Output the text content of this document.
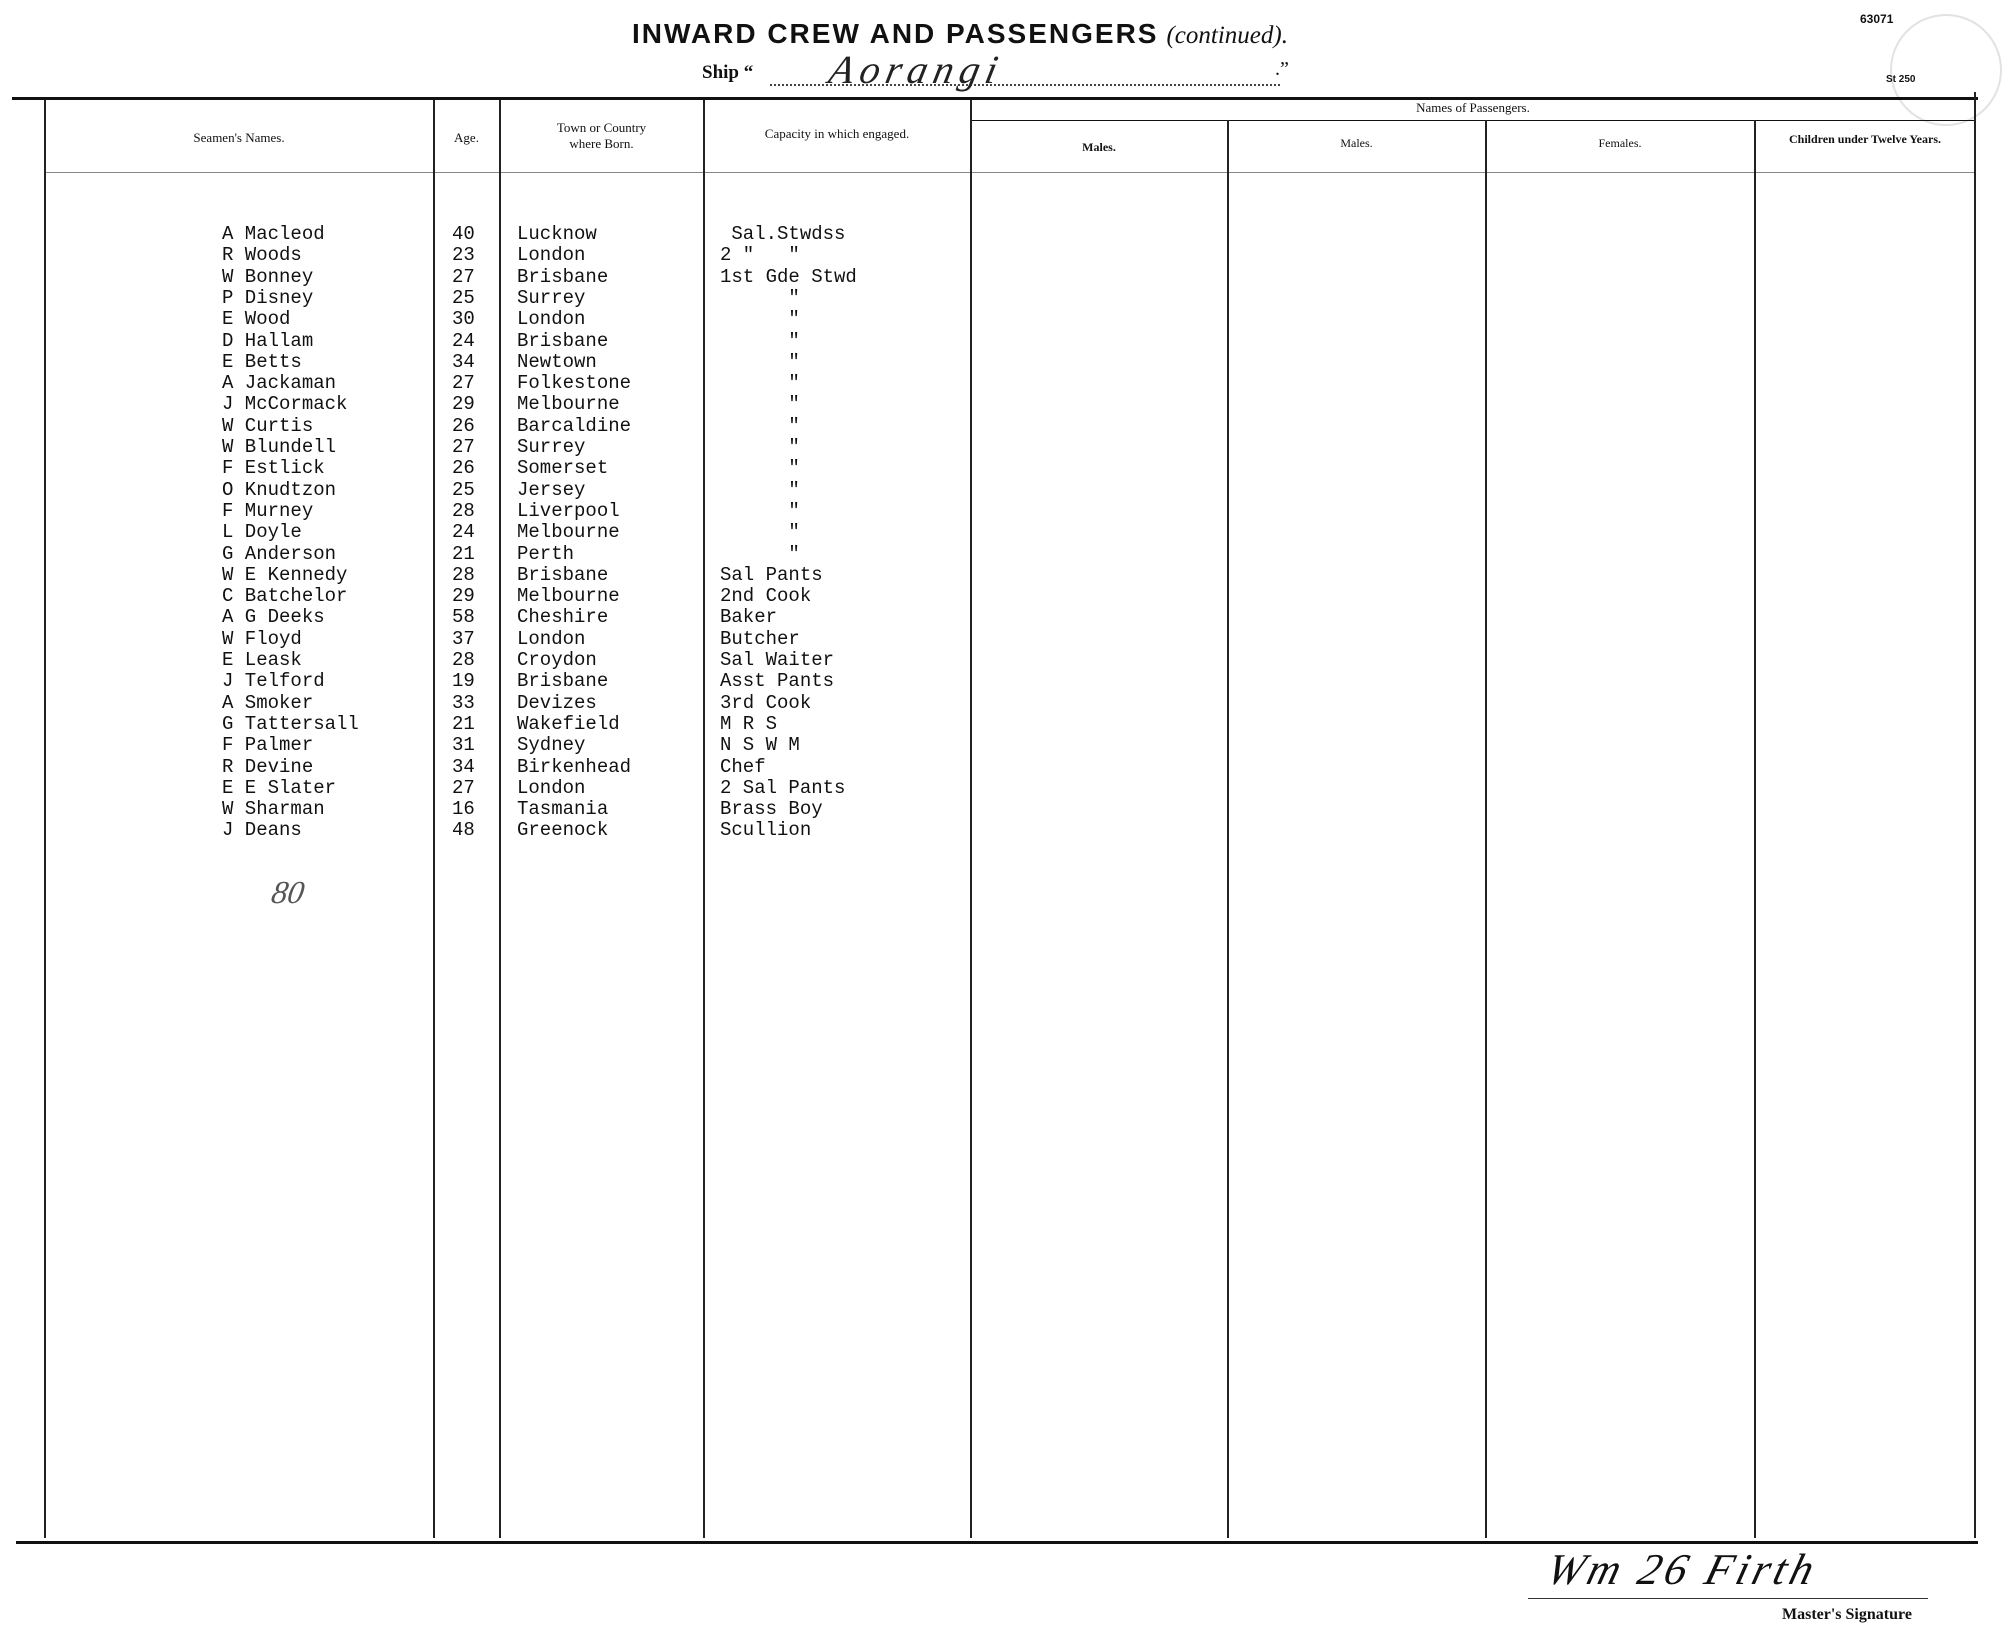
63071
St 250
INWARD CREW AND PASSENGERS (continued).
Ship “ Aorangi	.”
Seamen's Names.	Age.
Town or Country
where Born.
Capacity in which engaged.
Names of Passengers.
Males.	Males.	Females.	Children under Twelve Years.
A Macleod	40 Lucknow	Sal.Stwdss
R Woods	23 London	2 "   "
W Bonney	27 Brisbane	1st Gde Stwd
P Disney	25 Surrey	"
E Wood	30 London	"
D Hallam	24 Brisbane	"
E Betts	34 Newtown	"
A Jackaman	27 Folkestone	"
J McCormack	29 Melbourne	"
W Curtis	26 Barcaldine	"
W Blundell	27 Surrey	"
F Estlick	26 Somerset	"
O Knudtzon	25 Jersey	"
F Murney	28 Liverpool	"
L Doyle	24 Melbourne	"
G Anderson	21 Perth	"
W E Kennedy	28 Brisbane	Sal Pants
C Batchelor	29 Melbourne	2nd Cook
A G Deeks	58 Cheshire	Baker
W Floyd	37 London	Butcher
E Leask	28 Croydon	Sal Waiter
J Telford	19 Brisbane	Asst Pants
A Smoker	33 Devizes	3rd Cook
G Tattersall	21 Wakefield	M R S
F Palmer	31 Sydney	N S W M
R Devine	34 Birkenhead	Chef
E E Slater	27 London	2 Sal Pants
W Sharman	16 Tasmania	Brass Boy
J Deans	48 Greenock	Scullion
80
Wm 26 Firth
Master's Signature
